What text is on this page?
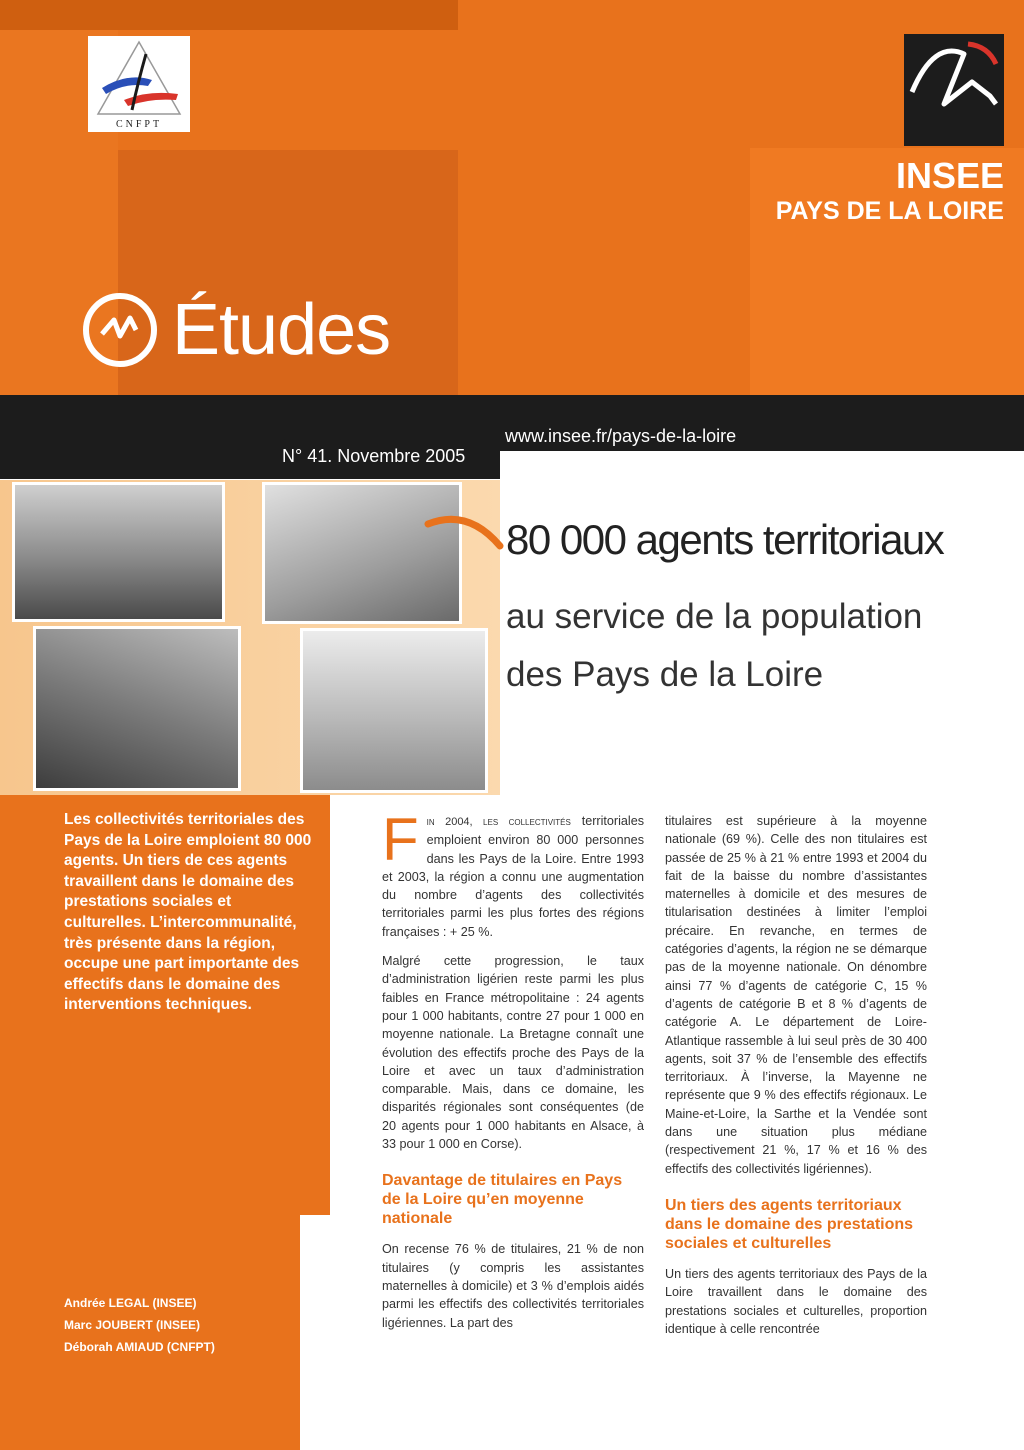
CNFPT
INSEE
PAYS DE LA LOIRE
Études
www.insee.fr/pays-de-la-loire
N° 41. Novembre 2005
80 000 agents territoriaux
au service de la population
des Pays de la Loire

Les collectivités territoriales des Pays de la Loire emploient 80 000 agents. Un tiers de ces agents travaillent dans le domaine des prestations sociales et culturelles. L’intercommunalité, très présente dans la région, occupe une part importante des effectifs dans le domaine des interventions techniques.

Andrée LEGAL (INSEE)
Marc JOUBERT (INSEE)
Déborah AMIAUD (CNFPT)

Fin 2004, les collectivités territoriales emploient environ 80 000 personnes dans les Pays de la Loire. Entre 1993 et 2003, la région a connu une augmentation du nombre d’agents des collectivités territoriales parmi les plus fortes des régions françaises : + 25 %.

Malgré cette progression, le taux d’administration ligérien reste parmi les plus faibles en France métropolitaine : 24 agents pour 1 000 habitants, contre 27 pour 1 000 en moyenne nationale. La Bretagne connaît une évolution des effectifs proche des Pays de la Loire et avec un taux d’administration comparable. Mais, dans ce domaine, les disparités régionales sont conséquentes (de 20 agents pour 1 000 habitants en Alsace, à 33 pour 1 000 en Corse).

Davantage de titulaires en Pays de la Loire qu’en moyenne nationale

On recense 76 % de titulaires, 21 % de non titulaires (y compris les assistantes maternelles à domicile) et 3 % d’emplois aidés parmi les effectifs des collectivités territoriales ligériennes. La part des

titulaires est supérieure à la moyenne nationale (69 %). Celle des non titulaires est passée de 25 % à 21 % entre 1993 et 2004 du fait de la baisse du nombre d’assistantes maternelles à domicile et des mesures de titularisation destinées à limiter l’emploi précaire. En revanche, en termes de catégories d’agents, la région ne se démarque pas de la moyenne nationale. On dénombre ainsi 77 % d’agents de catégorie C, 15 % d’agents de catégorie B et 8 % d’agents de catégorie A. Le département de Loire-Atlantique rassemble à lui seul près de 30 400 agents, soit 37 % de l’ensemble des effectifs territoriaux. À l’inverse, la Mayenne ne représente que 9 % des effectifs régionaux. Le Maine-et-Loire, la Sarthe et la Vendée sont dans une situation plus médiane (respectivement 21 %, 17 % et 16 % des effectifs des collectivités ligériennes).

Un tiers des agents territoriaux dans le domaine des prestations sociales et culturelles

Un tiers des agents territoriaux des Pays de la Loire travaillent dans le domaine des prestations sociales et culturelles, proportion identique à celle rencontrée
